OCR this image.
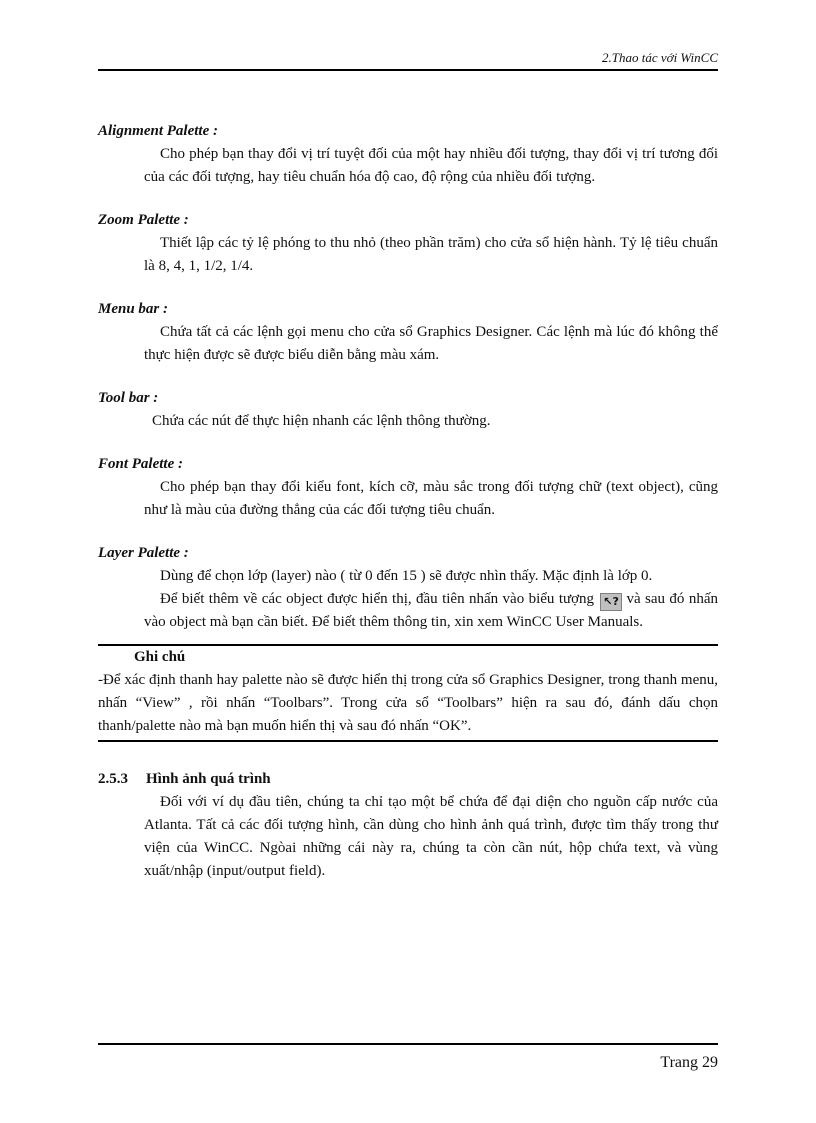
2.Thao tác với WinCC

Alignment Palette :

Cho phép bạn thay đổi vị trí tuyệt đối của một hay nhiều đối tượng, thay đổi vị trí tương đối của các đối tượng, hay tiêu chuẩn hóa độ cao, độ rộng của nhiều đối tượng.

Zoom Palette :

Thiết lập các tỷ lệ phóng to thu nhỏ (theo phần trăm) cho cửa sổ hiện hành. Tỷ lệ tiêu chuẩn là 8, 4, 1, 1/2, 1/4.

Menu bar :

Chứa tất cả các lệnh gọi menu cho cửa sổ Graphics Designer. Các lệnh mà lúc đó không thể thực hiện được sẽ được biểu diễn bằng màu xám.

Tool bar :

Chứa các nút để thực hiện nhanh các lệnh thông thường.

Font Palette :

Cho phép bạn thay đổi kiểu font, kích cỡ, màu sắc trong đối tượng chữ (text object), cũng như là màu của đường thẳng của các đối tượng tiêu chuẩn.

Layer Palette :

Dùng để chọn lớp (layer) nào ( từ 0 đến 15 ) sẽ được nhìn thấy. Mặc định là lớp 0.

Để biết thêm về các object được hiển thị, đầu tiên nhấn vào biểu tượng ↖? và sau đó nhấn vào object mà bạn cần biết. Để biết thêm thông tin, xin xem WinCC User Manuals.

Ghi chú

-Để xác định thanh hay palette nào sẽ được hiển thị trong cửa sổ Graphics Designer, trong thanh menu, nhấn “View” , rồi nhấn “Toolbars”. Trong cửa sổ “Toolbars” hiện ra sau đó, đánh dấu chọn thanh/palette nào mà bạn muốn hiển thị và sau đó nhấn “OK”.

2.5.3 Hình ảnh quá trình

Đối với ví dụ đầu tiên, chúng ta chỉ tạo một bể chứa để đại diện cho nguồn cấp nước của Atlanta. Tất cả các đối tượng hình, cần dùng cho hình ảnh quá trình, được tìm thấy trong thư viện của WinCC. Ngòai những cái này ra, chúng ta còn cần nút, hộp chứa text, và vùng xuất/nhập (input/output field).

Trang 29
